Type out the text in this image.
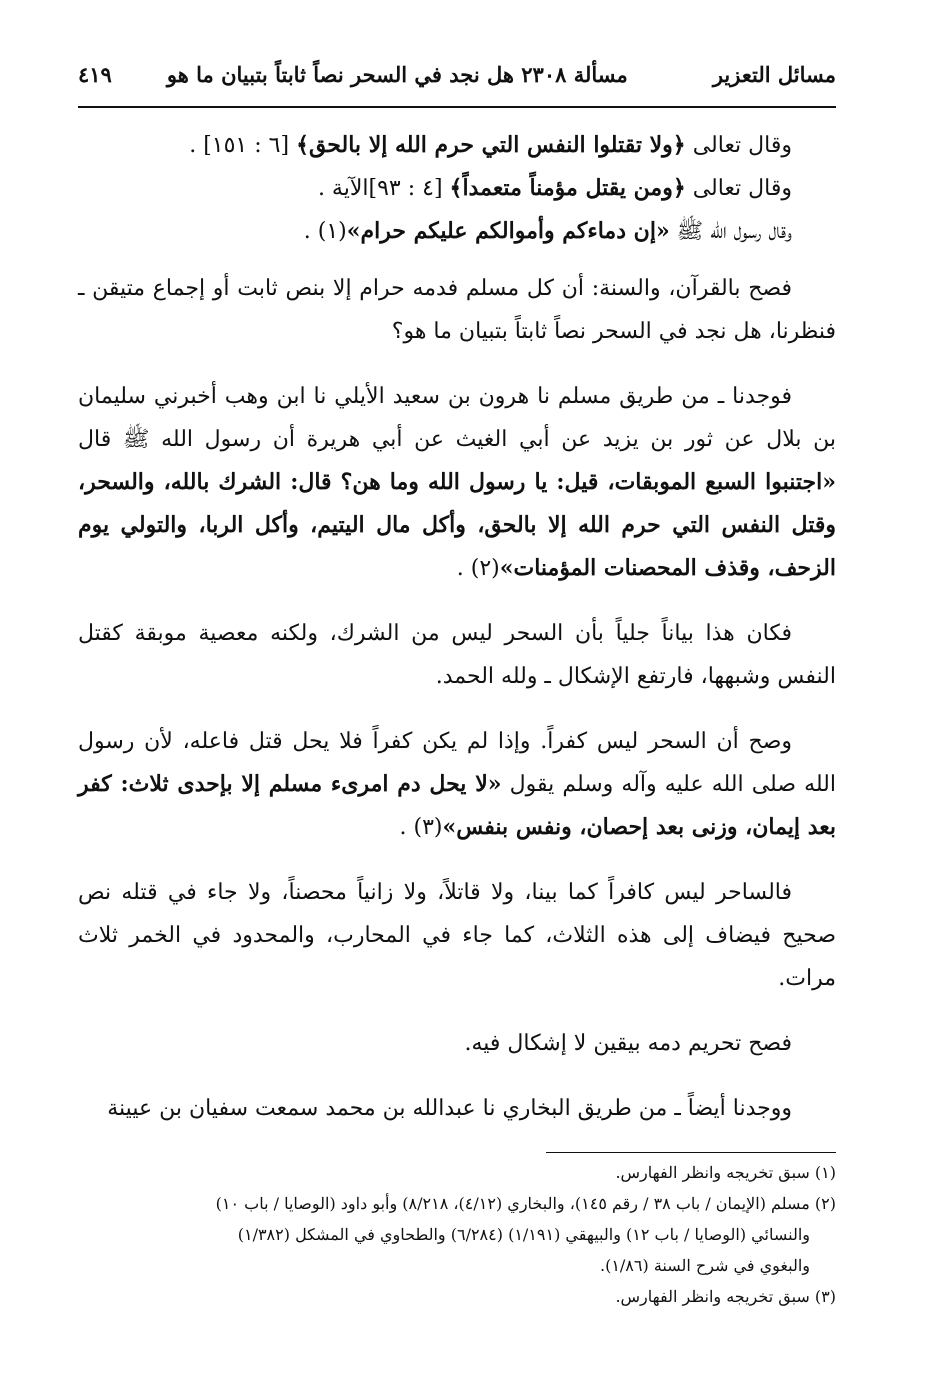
مسائل التعزير
مسألة ٢٣٠٨ هل نجد في السحر نصاً ثابتاً بتبيان ما هو
٤١٩
وقال تعالى ﴿ولا تقتلوا النفس التي حرم الله إلا بالحق﴾ [٦ : ١٥١] .
وقال تعالى ﴿ومن يقتل مؤمناً متعمداً﴾ [٤ : ٩٣]الآية .
وقال رسول الله ﷺ «إن دماءكم وأموالكم عليكم حرام»(١) .

فصح بالقرآن، والسنة: أن كل مسلم فدمه حرام إلا بنص ثابت أو إجماع متيقن ـ فنظرنا، هل نجد في السحر نصاً ثابتاً بتبيان ما هو؟

فوجدنا ـ من طريق مسلم نا هرون بن سعيد الأيلي نا ابن وهب أخبرني سليمان بن بلال عن ثور بن يزيد عن أبي الغيث عن أبي هريرة أن رسول الله ﷺ قال «اجتنبوا السبع الموبقات، قيل: يا رسول الله وما هن؟ قال: الشرك بالله، والسحر، وقتل النفس التي حرم الله إلا بالحق، وأكل مال اليتيم، وأكل الربا، والتولي يوم الزحف، وقذف المحصنات المؤمنات»(٢) .

فكان هذا بياناً جلياً بأن السحر ليس من الشرك، ولكنه معصية موبقة كقتل النفس وشبهها، فارتفع الإشكال ـ ولله الحمد.

وصح أن السحر ليس كفراً. وإذا لم يكن كفراً فلا يحل قتل فاعله، لأن رسول الله صلى الله عليه وآله وسلم يقول «لا يحل دم امرىء مسلم إلا بإحدى ثلاث: كفر بعد إيمان، وزنى بعد إحصان، ونفس بنفس»(٣) .

فالساحر ليس كافراً كما بينا، ولا قاتلاً، ولا زانياً محصناً، ولا جاء في قتله نص صحيح فيضاف إلى هذه الثلاث، كما جاء في المحارب، والمحدود في الخمر ثلاث مرات.

فصح تحريم دمه بيقين لا إشكال فيه.

ووجدنا أيضاً ـ من طريق البخاري نا عبدالله بن محمد سمعت سفيان بن عيينة

(١) سبق تخريجه وانظر الفهارس.
(٢) مسلم (الإيمان / باب ٣٨ / رقم ١٤٥)، والبخاري (٤/١٢)، ٨/٢١٨) وأبو داود (الوصايا / باب ١٠)
والنسائي (الوصايا / باب ١٢) والبيهقي (١/١٩١) (٦/٢٨٤) والطحاوي في المشكل (١/٣٨٢)
والبغوي في شرح السنة (١/٨٦).
(٣) سبق تخريجه وانظر الفهارس.
